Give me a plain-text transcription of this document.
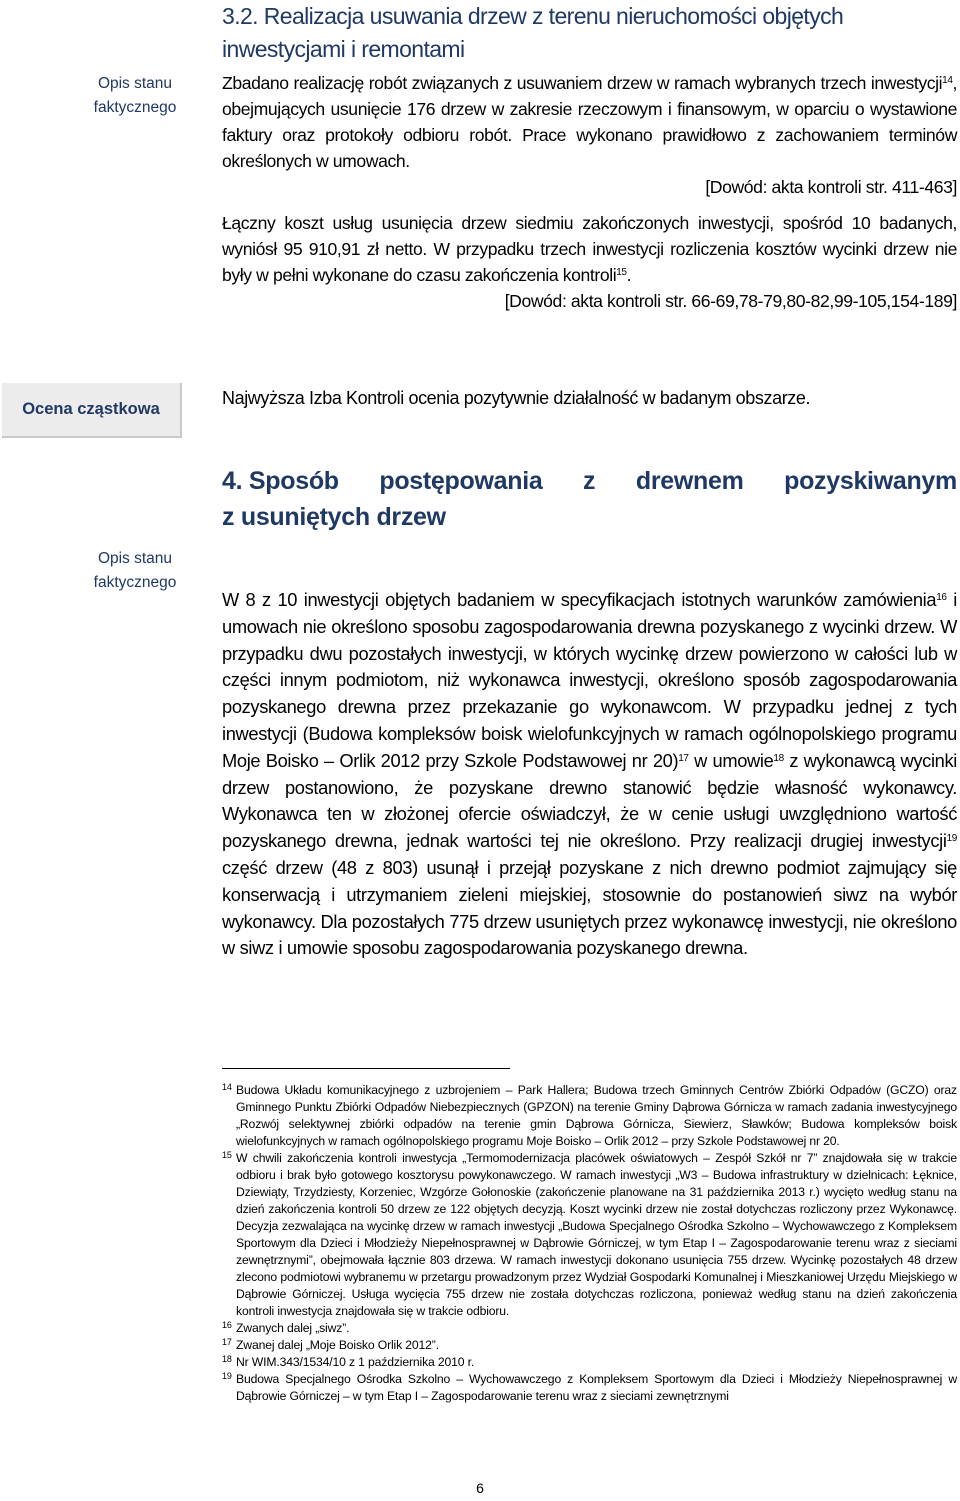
3.2. Realizacja usuwania drzew z terenu nieruchomości objętych inwestycjami i remontami
Opis stanu faktycznego

Zbadano realizację robót związanych z usuwaniem drzew w ramach wybranych trzech inwestycji$^{14}$, obejmujących usunięcie 176 drzew w zakresie rzeczowym i finansowym, w oparciu o wystawione faktury oraz protokoły odbioru robót. Prace wykonano prawidłowo z zachowaniem terminów określonych w umowach.

[Dowód: akta kontroli str. 411-463]

Łączny koszt usług usunięcia drzew siedmiu zakończonych inwestycji, spośród 10 badanych, wyniósł 95 910,91 zł netto. W przypadku trzech inwestycji rozliczenia kosztów wycinki drzew nie były w pełni wykonane do czasu zakończenia kontroli$^{15}$.

[Dowód: akta kontroli str. 66-69,78-79,80-82,99-105,154-189]
Ocena cząstkowa
Najwyższa Izba Kontroli ocenia pozytywnie działalność w badanym obszarze.
4. Sposób postępowania z drewnem pozyskiwanym
z usuniętych drzew
Opis stanu faktycznego

W 8 z 10 inwestycji objętych badaniem w specyfikacjach istotnych warunków zamówienia$^{16}$ i umowach nie określono sposobu zagospodarowania drewna pozyskanego z wycinki drzew. W przypadku dwu pozostałych inwestycji, w których wycinkę drzew powierzono w całości lub w części innym podmiotom, niż wykonawca inwestycji, określono sposób zagospodarowania pozyskanego drewna przez przekazanie go wykonawcom. W przypadku jednej z tych inwestycji (Budowa kompleksów boisk wielofunkcyjnych w ramach ogólnopolskiego programu Moje Boisko – Orlik 2012 przy Szkole Podstawowej nr 20)$^{17}$ w umowie$^{18}$ z wykonawcą wycinki drzew postanowiono, że pozyskane drewno stanowić będzie własność wykonawcy. Wykonawca ten w złożonej ofercie oświadczył, że w cenie usługi uwzględniono wartość pozyskanego drewna, jednak wartości tej nie określono. Przy realizacji drugiej inwestycji$^{19}$ część drzew (48 z 803) usunął i przejął pozyskane z nich drewno podmiot zajmujący się konserwacją i utrzymaniem zieleni miejskiej, stosownie do postanowień siwz na wybór wykonawcy. Dla pozostałych 775 drzew usuniętych przez wykonawcę inwestycji, nie określono w siwz i umowie sposobu zagospodarowania pozyskanego drewna.

14 Budowa Układu komunikacyjnego z uzbrojeniem – Park Hallera; Budowa trzech Gminnych Centrów Zbiórki Odpadów (GCZO) oraz Gminnego Punktu Zbiórki Odpadów Niebezpiecznych (GPZON) na terenie Gminy Dąbrowa Górnicza w ramach zadania inwestycyjnego „Rozwój selektywnej zbiórki odpadów na terenie gmin Dąbrowa Górnicza, Siewierz, Sławków; Budowa kompleksów boisk wielofunkcyjnych w ramach ogólnopolskiego programu Moje Boisko – Orlik 2012 – przy Szkole Podstawowej nr 20.

15 W chwili zakończenia kontroli inwestycja „Termomodernizacja placówek oświatowych – Zespół Szkół nr 7” znajdowała się w trakcie odbioru i brak było gotowego kosztorysu powykonawczego. W ramach inwestycji „W3 – Budowa infrastruktury w dzielnicach: Łęknice, Dziewiąty, Trzydziesty, Korzeniec, Wzgórze Gołonoskie (zakończenie planowane na 31 października 2013 r.) wycięto według stanu na dzień zakończenia kontroli 50 drzew ze 122 objętych decyzją. Koszt wycinki drzew nie został dotychczas rozliczony przez Wykonawcę. Decyzja zezwalająca na wycinkę drzew w ramach inwestycji „Budowa Specjalnego Ośrodka Szkolno – Wychowawczego z Kompleksem Sportowym dla Dzieci i Młodzieży Niepełnosprawnej w Dąbrowie Górniczej, w tym Etap I – Zagospodarowanie terenu wraz z sieciami zewnętrznymi”, obejmowała łącznie 803 drzewa. W ramach inwestycji dokonano usunięcia 755 drzew. Wycinkę pozostałych 48 drzew zlecono podmiotowi wybranemu w przetargu prowadzonym przez Wydział Gospodarki Komunalnej i Mieszkaniowej Urzędu Miejskiego w Dąbrowie Górniczej. Usługa wycięcia 755 drzew nie została dotychczas rozliczona, ponieważ według stanu na dzień zakończenia kontroli inwestycja znajdowała się w trakcie odbioru.

16 Zwanych dalej „siwz”.

17 Zwanej dalej „Moje Boisko Orlik 2012”.

18 Nr WIM.343/1534/10 z 1 października 2010 r.

19 Budowa Specjalnego Ośrodka Szkolno – Wychowawczego z Kompleksem Sportowym dla Dzieci i Młodzieży Niepełnosprawnej w Dąbrowie Górniczej – w tym Etap I – Zagospodarowanie terenu wraz z sieciami zewnętrznymi

6
